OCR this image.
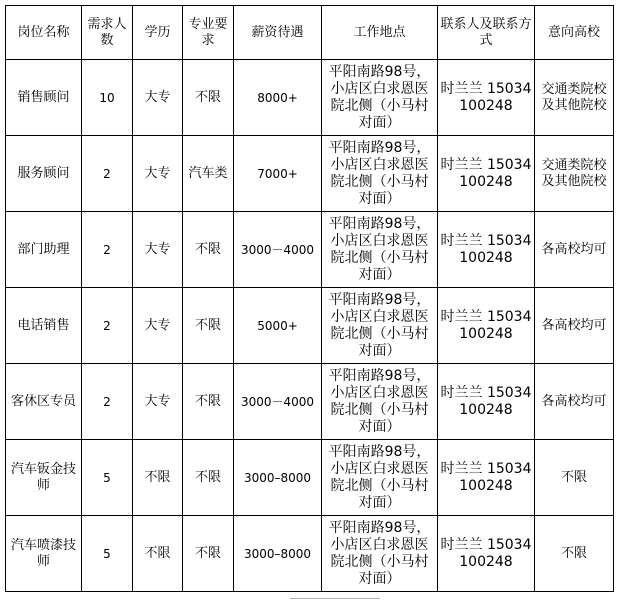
岗位名称	需求人数	学历	专业要求	薪资待遇	工作地点	联系人及联系方式	意向高校
销售顾问	10	大专	不限	8000+	平阳南路98号，小店区白求恩医院北侧（小马村对面）	时兰兰 15034100248	交通类院校及其他院校
服务顾问	2	大专	汽车类	7000+	平阳南路98号，小店区白求恩医院北侧（小马村对面）	时兰兰 15034100248	交通类院校及其他院校
部门助理	2	大专	不限	3000－4000	平阳南路98号，小店区白求恩医院北侧（小马村对面）	时兰兰 15034100248	各高校均可
电话销售	2	大专	不限	5000+	平阳南路98号，小店区白求恩医院北侧（小马村对面）	时兰兰 15034100248	各高校均可
客休区专员	2	大专	不限	3000－4000	平阳南路98号，小店区白求恩医院北侧（小马村对面）	时兰兰 15034100248	各高校均可
汽车钣金技师	5	不限	不限	3000–8000	平阳南路98号，小店区白求恩医院北侧（小马村对面）	时兰兰 15034100248	不限
汽车喷漆技师	5	不限	不限	3000–8000	平阳南路98号，小店区白求恩医院北侧（小马村对面）	时兰兰 15034100248	不限
